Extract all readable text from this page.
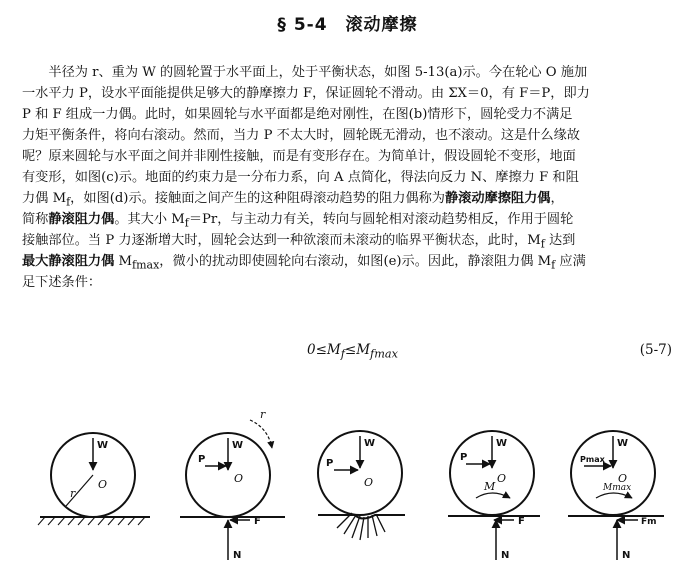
§ 5-4　滚动摩擦
半径为 r、重为 W 的圆轮置于水平面上，处于平衡状态，如图 5-13(a)示。今在轮心 O 施加
一水平力 P，设水平面能提供足够大的静摩擦力 F，保证圆轮不滑动。由 ΣX＝0，有 F＝P，即力
P 和 F 组成一力偶。此时，如果圆轮与水平面都是绝对刚性，在图(b)情形下，圆轮受力不满足
力矩平衡条件，将向右滚动。然而，当力 P 不太大时，圆轮既无滑动，也不滚动。这是什么缘故
呢？原来圆轮与水平面之间并非刚性接触，而是有变形存在。为简单计，假设圆轮不变形，地面
有变形，如图(c)示。地面的约束力是一分布力系，向 A 点简化，得法向反力 N、摩擦力 F 和阻
力偶 $M_f$，如图(d)示。接触面之间产生的这种阻碍滚动趋势的阻力偶称为静滚动摩擦阻力偶，
简称静滚阻力偶。其大小 $M_f=Pr$，与主动力有关，转向与圆轮相对滚动趋势相反，作用于圆轮
接触部位。当 P 力逐渐增大时，圆轮会达到一种欲滚而未滚动的临界平衡状态，此时，$M_f$ 达到
最大静滚阻力偶 $M_{fmax}$，微小的扰动即使圆轮向右滚动，如图(e)示。因此，静滚阻力偶 $M_f$ 应满
足下述条件：
$0\le M_f\le M_{fmax}$	(5-7)
W
O
r
r
W
P
O
F
N
W
P
O
W
P
O
M
F
N
W
Pmax
O
Mmax
Fm
N
